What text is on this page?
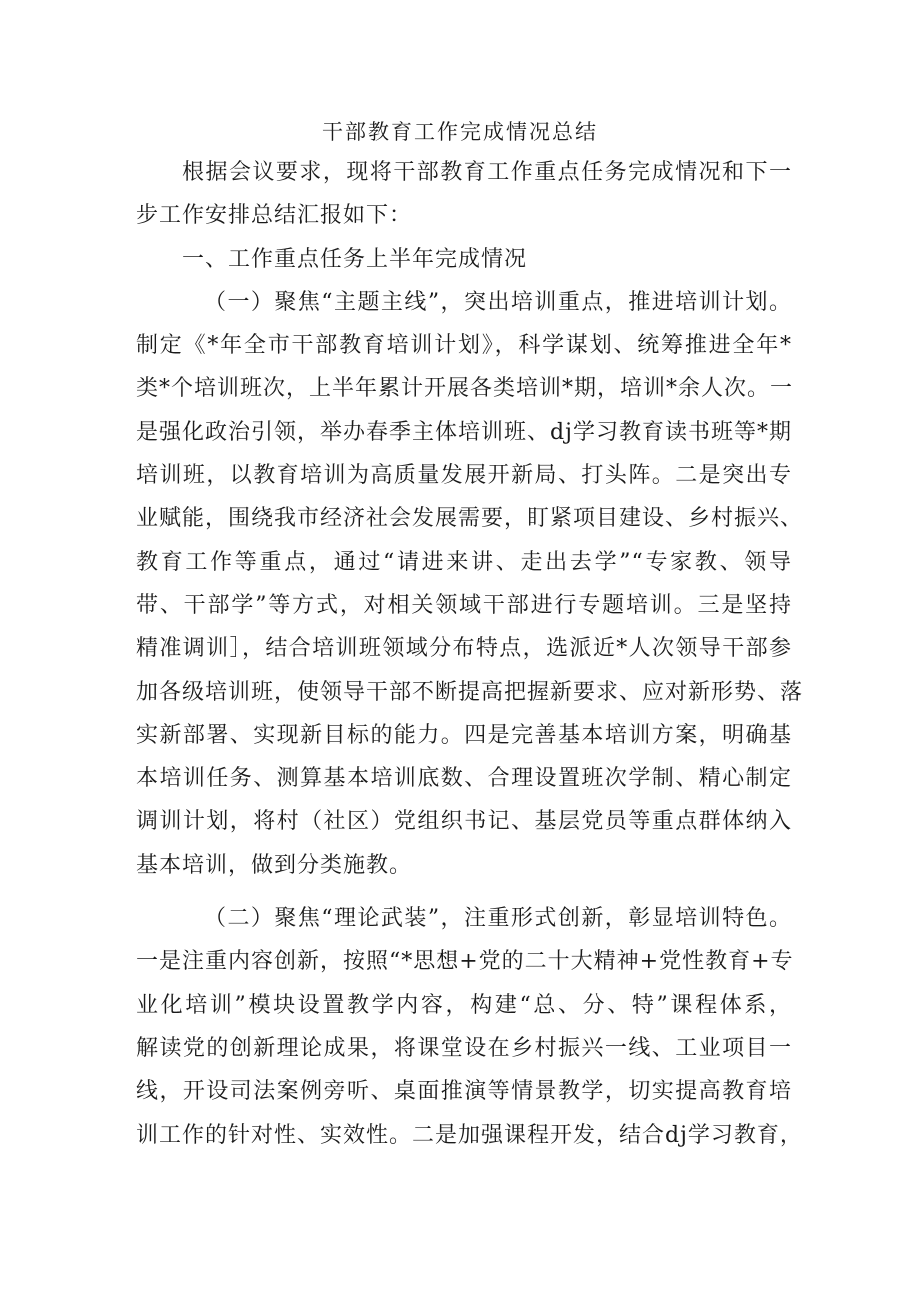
干部教育工作完成情况总结
根据会议要求，现将干部教育工作重点任务完成情况和下一
步工作安排总结汇报如下：
一、工作重点任务上半年完成情况
（一）聚焦“主题主线”，突出培训重点，推进培训计划。
制定《*年全市干部教育培训计划》，科学谋划、统筹推进全年*
类*个培训班次，上半年累计开展各类培训*期，培训*余人次。一
是强化政治引领，举办春季主体培训班、dj学习教育读书班等*期
培训班，以教育培训为高质量发展开新局、打头阵。二是突出专
业赋能，围绕我市经济社会发展需要，盯紧项目建设、乡村振兴、
教育工作等重点，通过“请进来讲、走出去学”“专家教、领导
带、干部学”等方式，对相关领域干部进行专题培训。三是坚持
精准调训］，结合培训班领域分布特点，选派近*人次领导干部参
加各级培训班，使领导干部不断提高把握新要求、应对新形势、落
实新部署、实现新目标的能力。四是完善基本培训方案，明确基
本培训任务、测算基本培训底数、合理设置班次学制、精心制定
调训计划，将村（社区）党组织书记、基层党员等重点群体纳入
基本培训，做到分类施教。
（二）聚焦“理论武装”，注重形式创新，彰显培训特色。
一是注重内容创新，按照“*思想+党的二十大精神+党性教育+专
业化培训”模块设置教学内容，构建“总、分、特”课程体系，
解读党的创新理论成果，将课堂设在乡村振兴一线、工业项目一
线，开设司法案例旁听、桌面推演等情景教学，切实提高教育培
训工作的针对性、实效性。二是加强课程开发，结合dj学习教育，
